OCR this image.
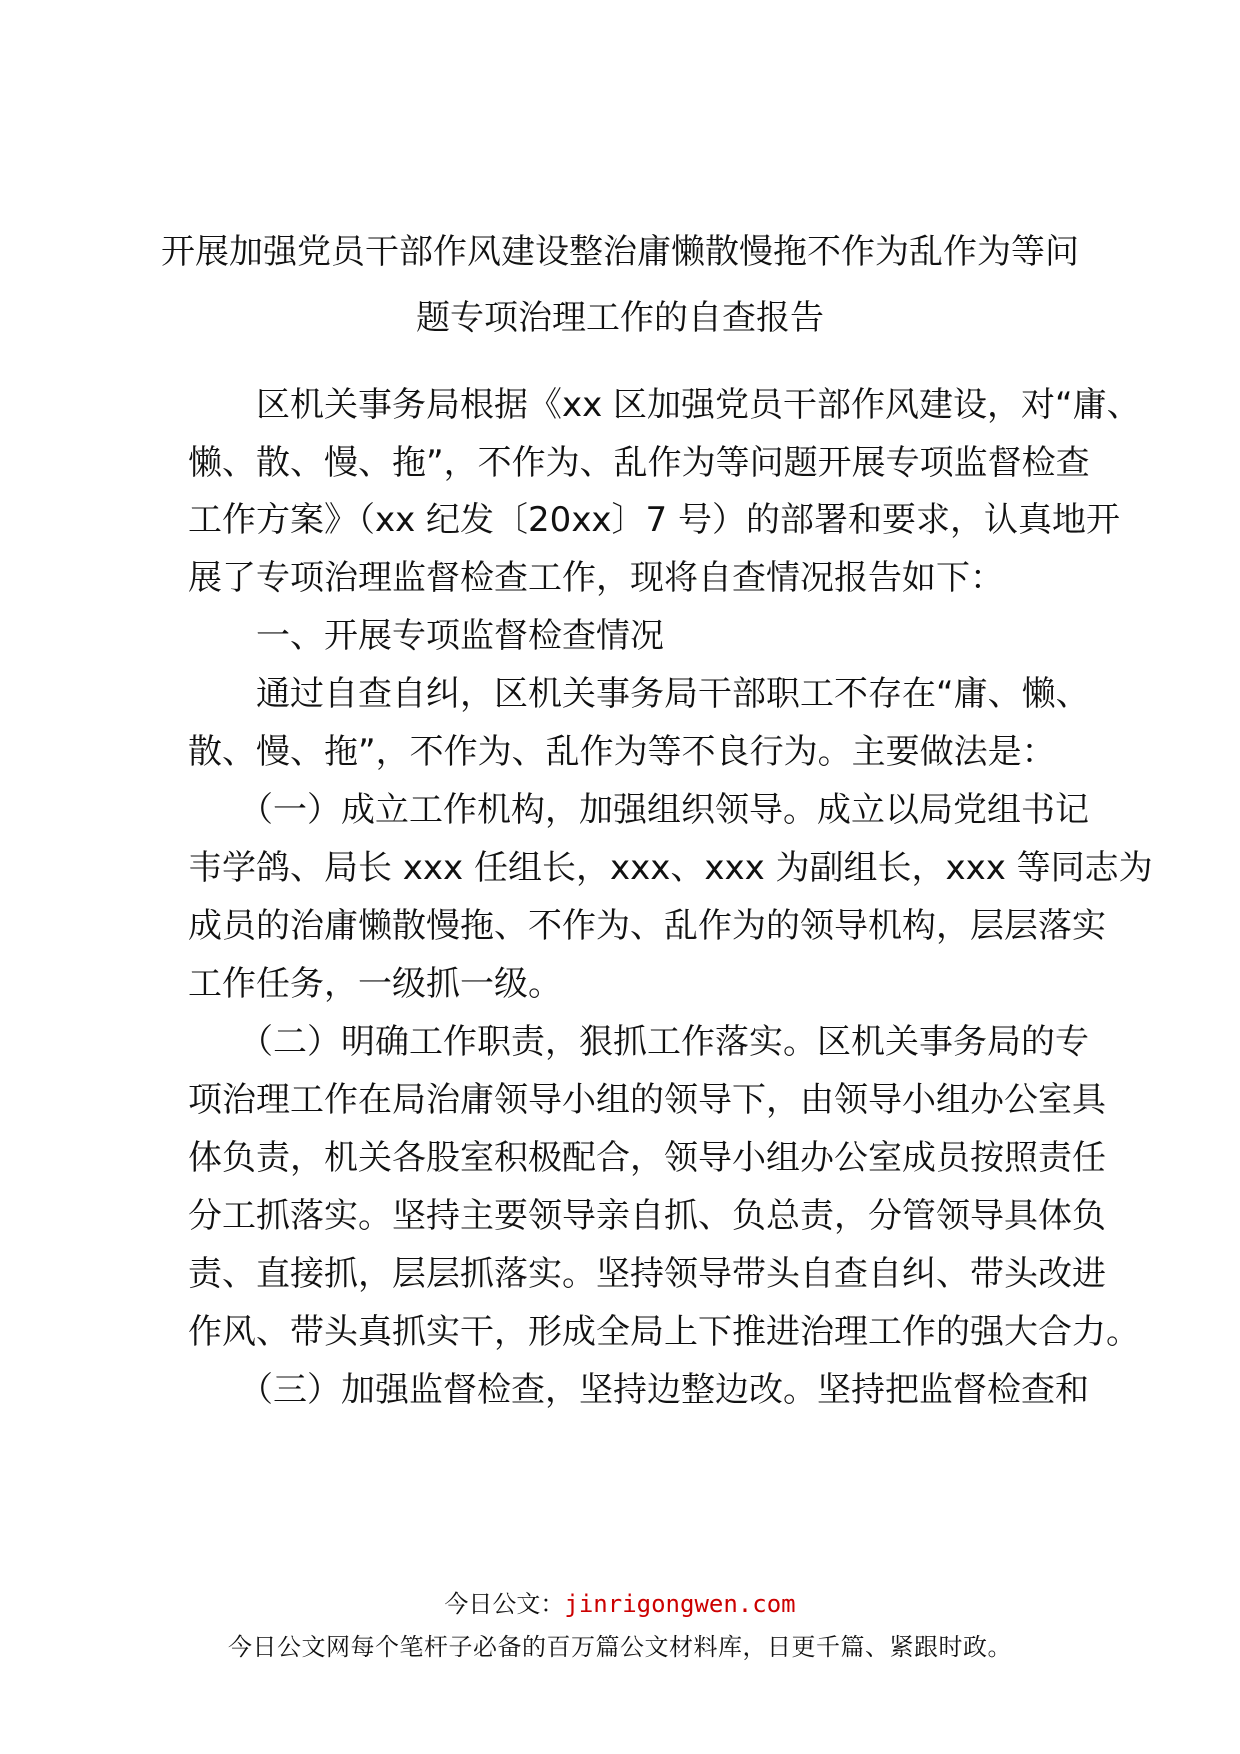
开展加强党员干部作风建设整治庸懒散慢拖不作为乱作为等问
题专项治理工作的自查报告
　　区机关事务局根据《xx 区加强党员干部作风建设，对“庸、
懒、散、慢、拖”，不作为、乱作为等问题开展专项监督检查
工作方案》（xx 纪发〔20xx〕7 号）的部署和要求，认真地开
展了专项治理监督检查工作，现将自查情况报告如下：
　　一、开展专项监督检查情况
　　通过自查自纠，区机关事务局干部职工不存在“庸、懒、
散、慢、拖”，不作为、乱作为等不良行为。主要做法是：
　　（一）成立工作机构，加强组织领导。成立以局党组书记
韦学鸽、局长 xxx 任组长，xxx、xxx 为副组长，xxx 等同志为
成员的治庸懒散慢拖、不作为、乱作为的领导机构，层层落实
工作任务，一级抓一级。
　　（二）明确工作职责，狠抓工作落实。区机关事务局的专
项治理工作在局治庸领导小组的领导下，由领导小组办公室具
体负责，机关各股室积极配合，领导小组办公室成员按照责任
分工抓落实。坚持主要领导亲自抓、负总责，分管领导具体负
责、直接抓，层层抓落实。坚持领导带头自查自纠、带头改进
作风、带头真抓实干，形成全局上下推进治理工作的强大合力。
　　（三）加强监督检查，坚持边整边改。坚持把监督检查和
今日公文：jinrigongwen.com
今日公文网每个笔杆子必备的百万篇公文材料库，日更千篇、紧跟时政。
